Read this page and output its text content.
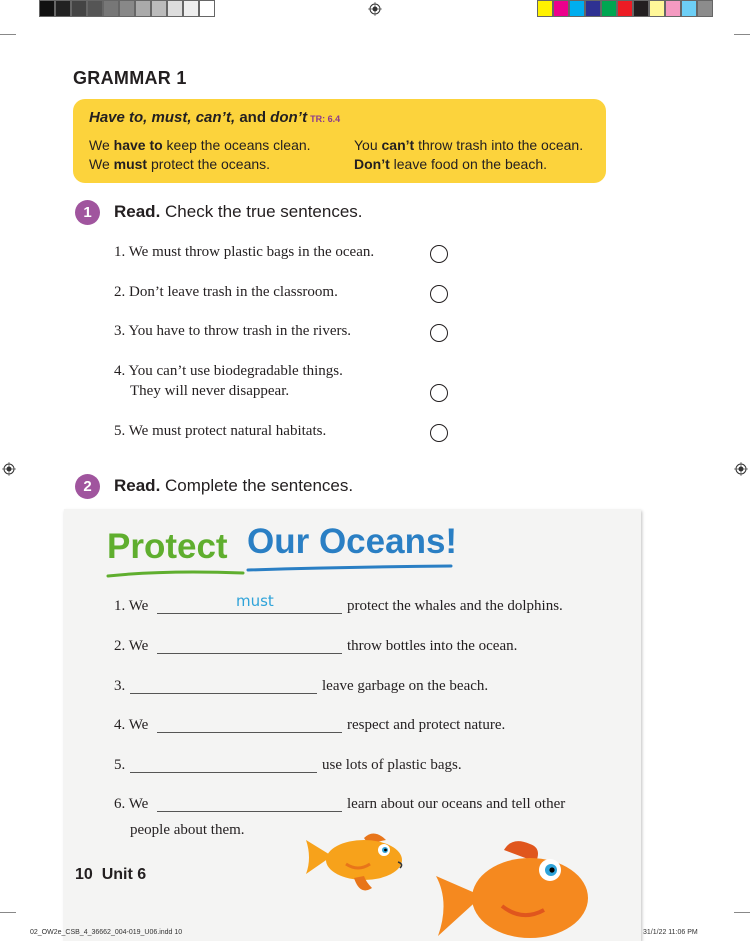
GRAMMAR 1
Have to, must, can’t, and don’t TR: 6.4
We have to keep the oceans clean.
We must protect the oceans.
You can’t throw trash into the ocean.
Don’t leave food on the beach.
1	Read. Check the true sentences.
1. We must throw plastic bags in the ocean.
2. Don’t leave trash in the classroom.
3. You have to throw trash in the rivers.
4. You can’t use biodegradable things.
They will never disappear.
5. We must protect natural habitats.
2	Read. Complete the sentences.
Protect Our Oceans!
1. We	must	protect the whales and the dolphins.
2. We	throw bottles into the ocean.
3.	leave garbage on the beach.
4. We	respect and protect nature.
5.	use lots of plastic bags.
6. We	learn about our oceans and tell other
people about them.
10 Unit 6
02_OW2e_CSB_4_36662_004-019_U06.indd 10	31/1/22 11:06 PM
